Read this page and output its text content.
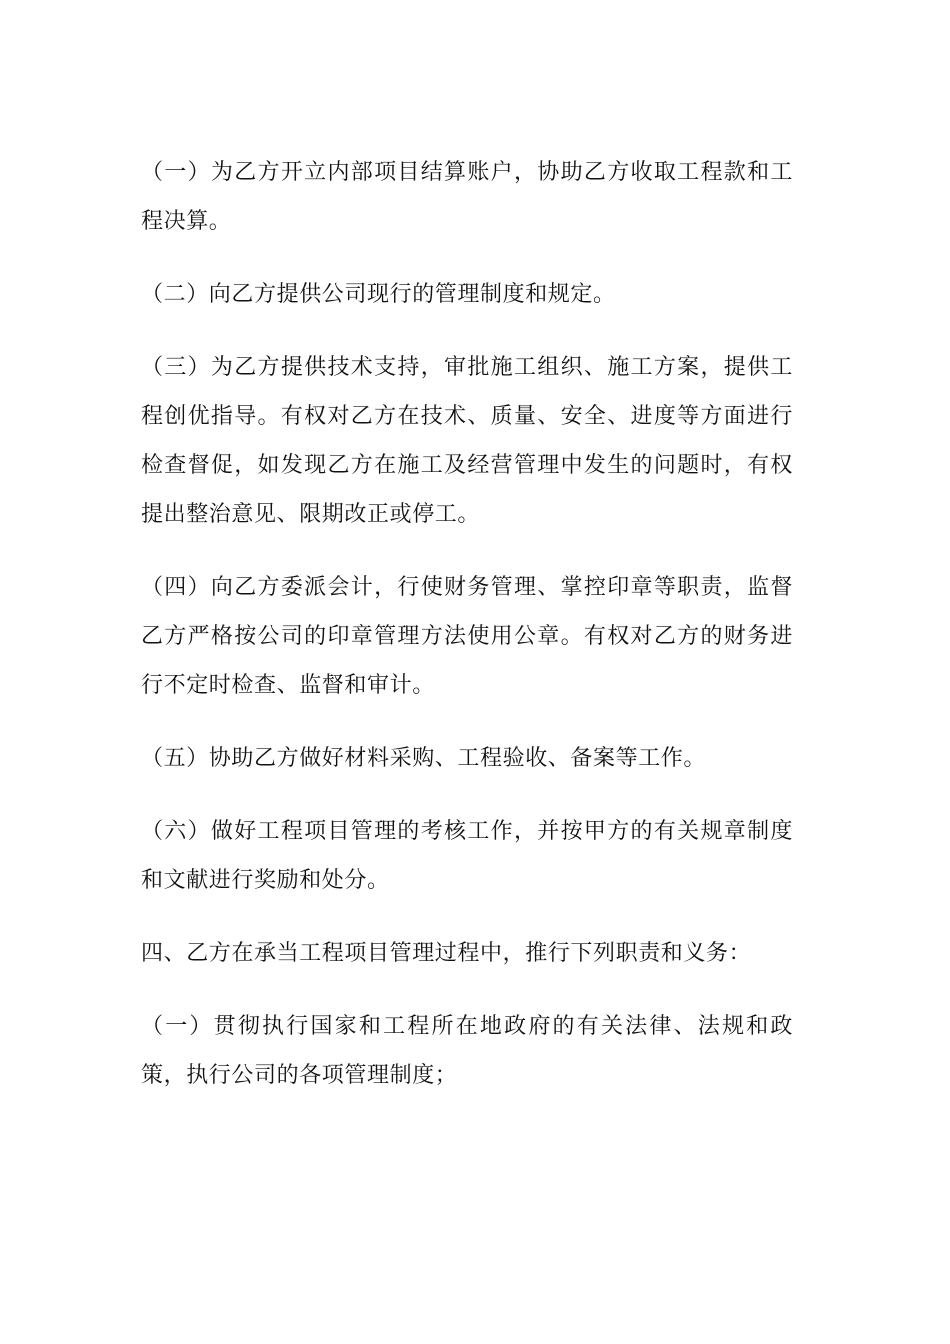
（一）为乙方开立内部项目结算账户，协助乙方收取工程款和工程决算。

（二）向乙方提供公司现行的管理制度和规定。

（三）为乙方提供技术支持，审批施工组织、施工方案，提供工程创优指导。有权对乙方在技术、质量、安全、进度等方面进行检查督促，如发现乙方在施工及经营管理中发生的问题时，有权提出整治意见、限期改正或停工。

（四）向乙方委派会计，行使财务管理、掌控印章等职责，监督乙方严格按公司的印章管理方法使用公章。有权对乙方的财务进行不定时检查、监督和审计。

（五）协助乙方做好材料采购、工程验收、备案等工作。

（六）做好工程项目管理的考核工作，并按甲方的有关规章制度和文献进行奖励和处分。

四、乙方在承当工程项目管理过程中，推行下列职责和义务：

（一）贯彻执行国家和工程所在地政府的有关法律、法规和政策，执行公司的各项管理制度；
